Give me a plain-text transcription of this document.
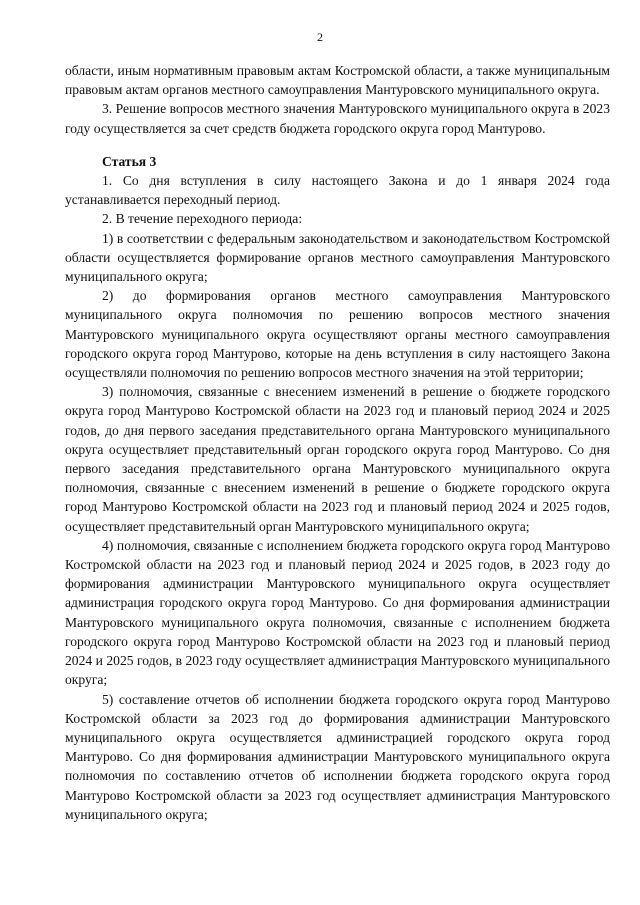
2

области, иным нормативным правовым актам Костромской области, а также муниципальным правовым актам органов местного самоуправления Мантуровского муниципального округа.

3. Решение вопросов местного значения Мантуровского муниципального округа в 2023 году осуществляется за счет средств бюджета городского округа город Мантурово.

Статья 3

1. Со дня вступления в силу настоящего Закона и до 1 января 2024 года устанавливается переходный период.

2. В течение переходного периода:

1) в соответствии с федеральным законодательством и законодательством Костромской области осуществляется формирование органов местного самоуправления Мантуровского муниципального округа;

2) до формирования органов местного самоуправления Мантуровского муниципального округа полномочия по решению вопросов местного значения Мантуровского муниципального округа осуществляют органы местного самоуправления городского округа город Мантурово, которые на день вступления в силу настоящего Закона осуществляли полномочия по решению вопросов местного значения на этой территории;

3) полномочия, связанные с внесением изменений в решение о бюджете городского округа город Мантурово Костромской области на 2023 год и плановый период 2024 и 2025 годов, до дня первого заседания представительного органа Мантуровского муниципального округа осуществляет представительный орган городского округа город Мантурово. Со дня первого заседания представительного органа Мантуровского муниципального округа полномочия, связанные с внесением изменений в решение о бюджете городского округа город Мантурово Костромской области на 2023 год и плановый период 2024 и 2025 годов, осуществляет представительный орган Мантуровского муниципального округа;

4) полномочия, связанные с исполнением бюджета городского округа город Мантурово Костромской области на 2023 год и плановый период 2024 и 2025 годов, в 2023 году до формирования администрации Мантуровского муниципального округа осуществляет администрация городского округа город Мантурово. Со дня формирования администрации Мантуровского муниципального округа полномочия, связанные с исполнением бюджета городского округа город Мантурово Костромской области на 2023 год и плановый период 2024 и 2025 годов, в 2023 году осуществляет администрация Мантуровского муниципального округа;

5) составление отчетов об исполнении бюджета городского округа город Мантурово Костромской области за 2023 год до формирования администрации Мантуровского муниципального округа осуществляется администрацией городского округа город Мантурово. Со дня формирования администрации Мантуровского муниципального округа полномочия по составлению отчетов об исполнении бюджета городского округа город Мантурово Костромской области за 2023 год осуществляет администрация Мантуровского муниципального округа;
